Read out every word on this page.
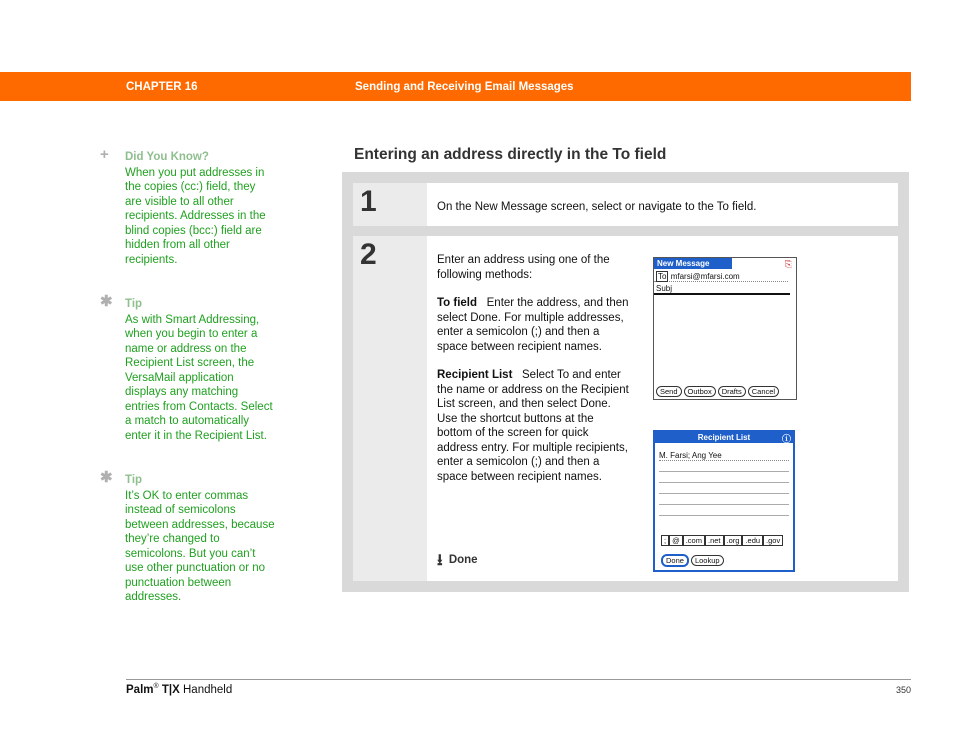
CHAPTER 16	Sending and Receiving Email Messages
+	Did You Know?
When you put addresses in the copies (cc:) field, they are visible to all other recipients. Addresses in the blind copies (bcc:) field are hidden from all other recipients.
✱	Tip
As with Smart Addressing, when you begin to enter a name or address on the Recipient List screen, the VersaMail application displays any matching entries from Contacts. Select a match to automatically enter it in the Recipient List.
✱	Tip
It’s OK to enter commas instead of semicolons between addresses, because they’re changed to semicolons. But you can’t use other punctuation or no punctuation between addresses.
Entering an address directly in the To field
1	On the New Message screen, select or navigate to the To field.
2	Enter an address using one of the following methods:
To field Enter the address, and then select Done. For multiple addresses, enter a semicolon (;) and then a space between recipient names.
Recipient List Select To and enter the name or address on the Recipient List screen, and then select Done. Use the shortcut buttons at the bottom of the screen for quick address entry. For multiple recipients, enter a semicolon (;) and then a space between recipient names.
⭳ Done
New Message	⎘
To mfarsi@mfarsi.com
Subj
Send Outbox Drafts Cancel
Recipient List	ⓘ
M. Farsi; Ang Yee
; @ .com .net .org .edu .gov
Done Lookup
Palm® T|X Handheld	350
